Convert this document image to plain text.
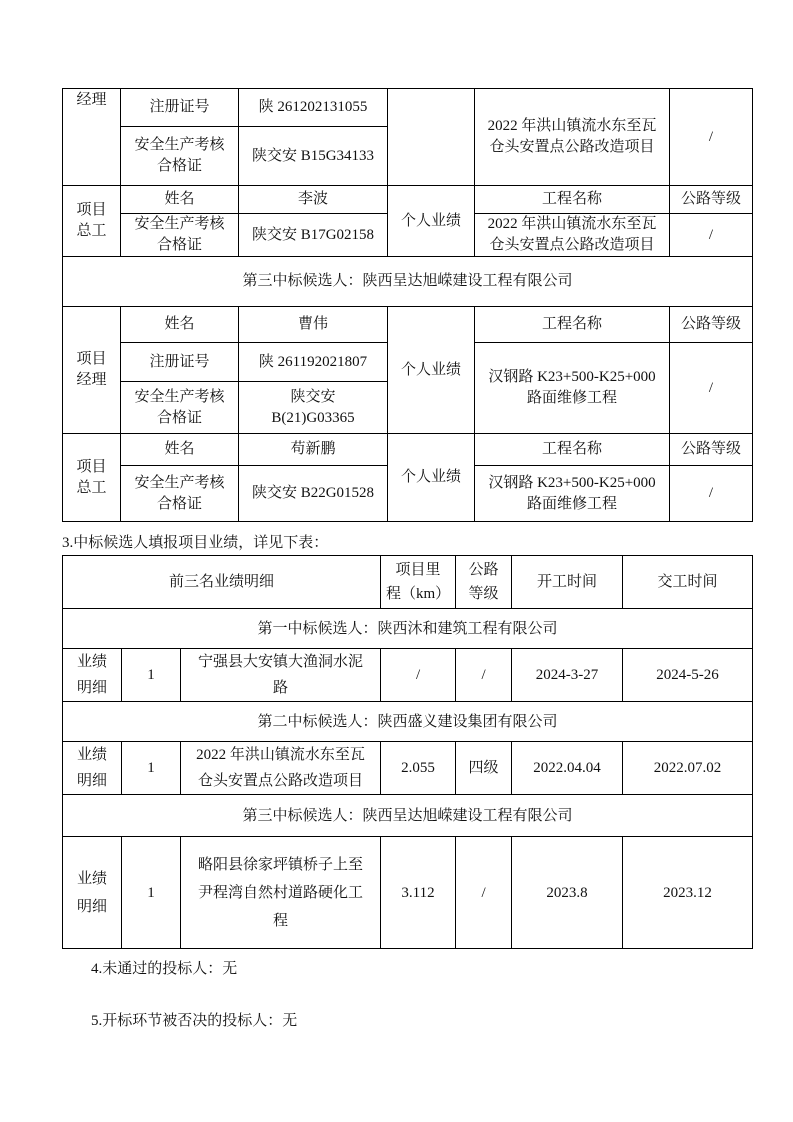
经理	注册证号	陕 261202131055		2022 年洪山镇流水东至瓦
仓头安置点公路改造项目	/
	安全生产考核
合格证	陕交安 B15G34133			
项目
总工	姓名	李波	个人业绩	工程名称	公路等级
	安全生产考核
合格证	陕交安 B17G02158		2022 年洪山镇流水东至瓦
仓头安置点公路改造项目	/
第三中标候选人：陕西呈达旭嵘建设工程有限公司					
项目
经理	姓名	曹伟	个人业绩	工程名称	公路等级
	注册证号	陕 261192021807		汉钢路 K23+500-K25+000
路面维修工程	/
	安全生产考核
合格证	陕交安
B(21)G03365			
项目
总工	姓名	苟新鹏	个人业绩	工程名称	公路等级
	安全生产考核
合格证	陕交安 B22G01528		汉钢路 K23+500-K25+000
路面维修工程	/
3.中标候选人填报项目业绩，详见下表：
前三名业绩明细			项目里
程（km）	公路
等级	开工时间	交工时间
第一中标候选人：陕西沐和建筑工程有限公司						
业绩
明细	1	宁强县大安镇大渔洞水泥
路	/	/	2024-3-27	2024-5-26
第二中标候选人：陕西盛义建设集团有限公司						
业绩
明细	1	2022 年洪山镇流水东至瓦
仓头安置点公路改造项目	2.055	四级	2022.04.04	2022.07.02
第三中标候选人：陕西呈达旭嵘建设工程有限公司						
业绩
明细	1	略阳县徐家坪镇桥子上至
尹程湾自然村道路硬化工
程	3.112	/	2023.8	2023.12
4.未通过的投标人：无
5.开标环节被否决的投标人：无
